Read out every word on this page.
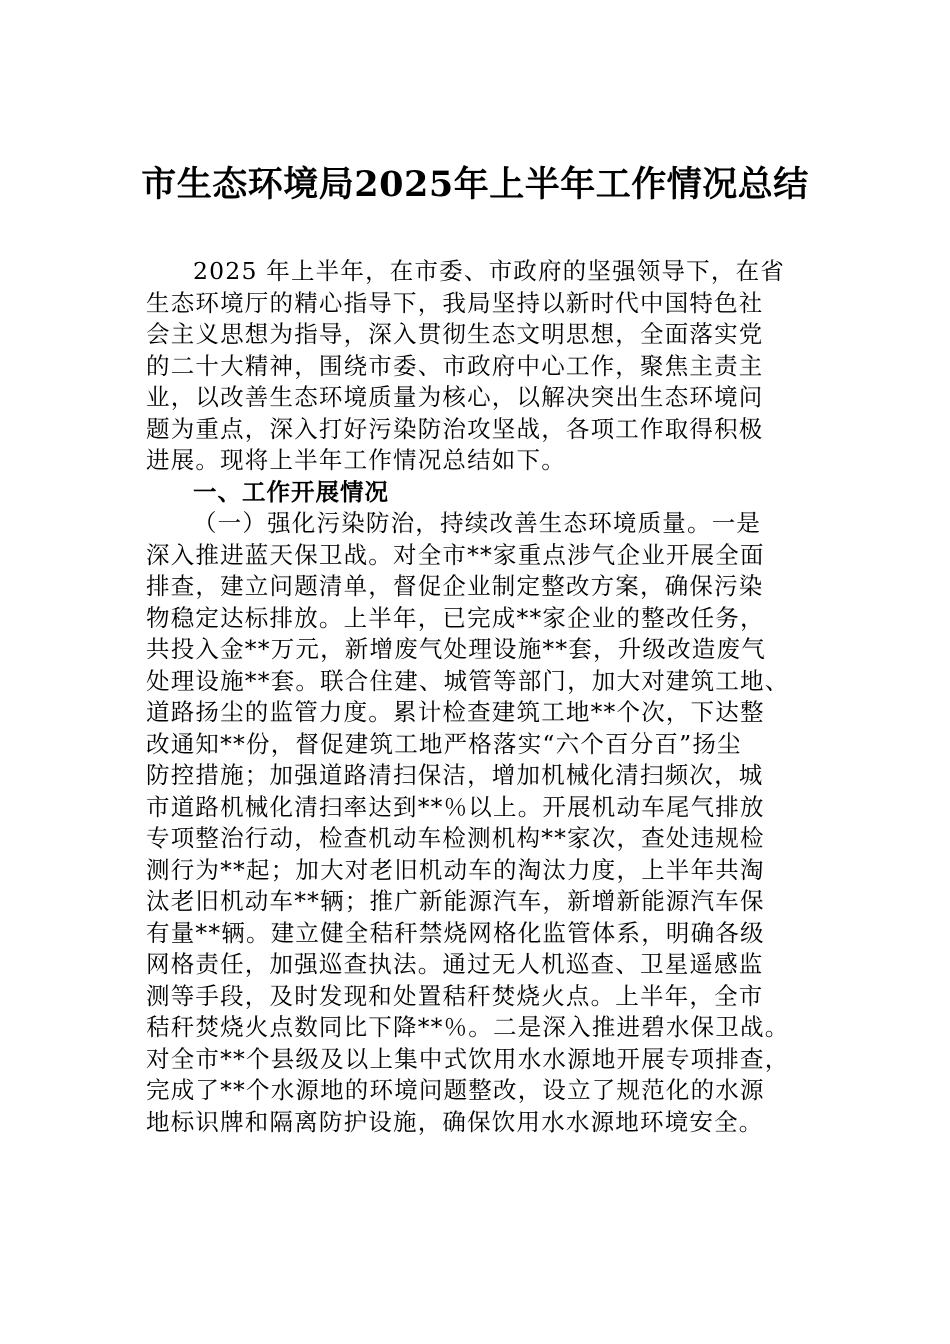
市生态环境局2025年上半年工作情况总结
2025 年上半年，在市委、市政府的坚强领导下，在省
生态环境厅的精心指导下，我局坚持以新时代中国特色社
会主义思想为指导，深入贯彻生态文明思想，全面落实党
的二十大精神，围绕市委、市政府中心工作，聚焦主责主
业，以改善生态环境质量为核心，以解决突出生态环境问
题为重点，深入打好污染防治攻坚战，各项工作取得积极
进展。现将上半年工作情况总结如下。
一、工作开展情况
（一）强化污染防治，持续改善生态环境质量。一是
深入推进蓝天保卫战。对全市**家重点涉气企业开展全面
排查，建立问题清单，督促企业制定整改方案，确保污染
物稳定达标排放。上半年，已完成**家企业的整改任务，
共投入金**万元，新增废气处理设施**套，升级改造废气
处理设施**套。联合住建、城管等部门，加大对建筑工地、
道路扬尘的监管力度。累计检查建筑工地**个次，下达整
改通知**份，督促建筑工地严格落实“六个百分百”扬尘
防控措施；加强道路清扫保洁，增加机械化清扫频次，城
市道路机械化清扫率达到**％以上。开展机动车尾气排放
专项整治行动，检查机动车检测机构**家次，查处违规检
测行为**起；加大对老旧机动车的淘汰力度，上半年共淘
汰老旧机动车**辆；推广新能源汽车，新增新能源汽车保
有量**辆。建立健全秸秆禁烧网格化监管体系，明确各级
网格责任，加强巡查执法。通过无人机巡查、卫星遥感监
测等手段，及时发现和处置秸秆焚烧火点。上半年，全市
秸秆焚烧火点数同比下降**％。二是深入推进碧水保卫战。
对全市**个县级及以上集中式饮用水水源地开展专项排查，
完成了**个水源地的环境问题整改，设立了规范化的水源
地标识牌和隔离防护设施，确保饮用水水源地环境安全。
